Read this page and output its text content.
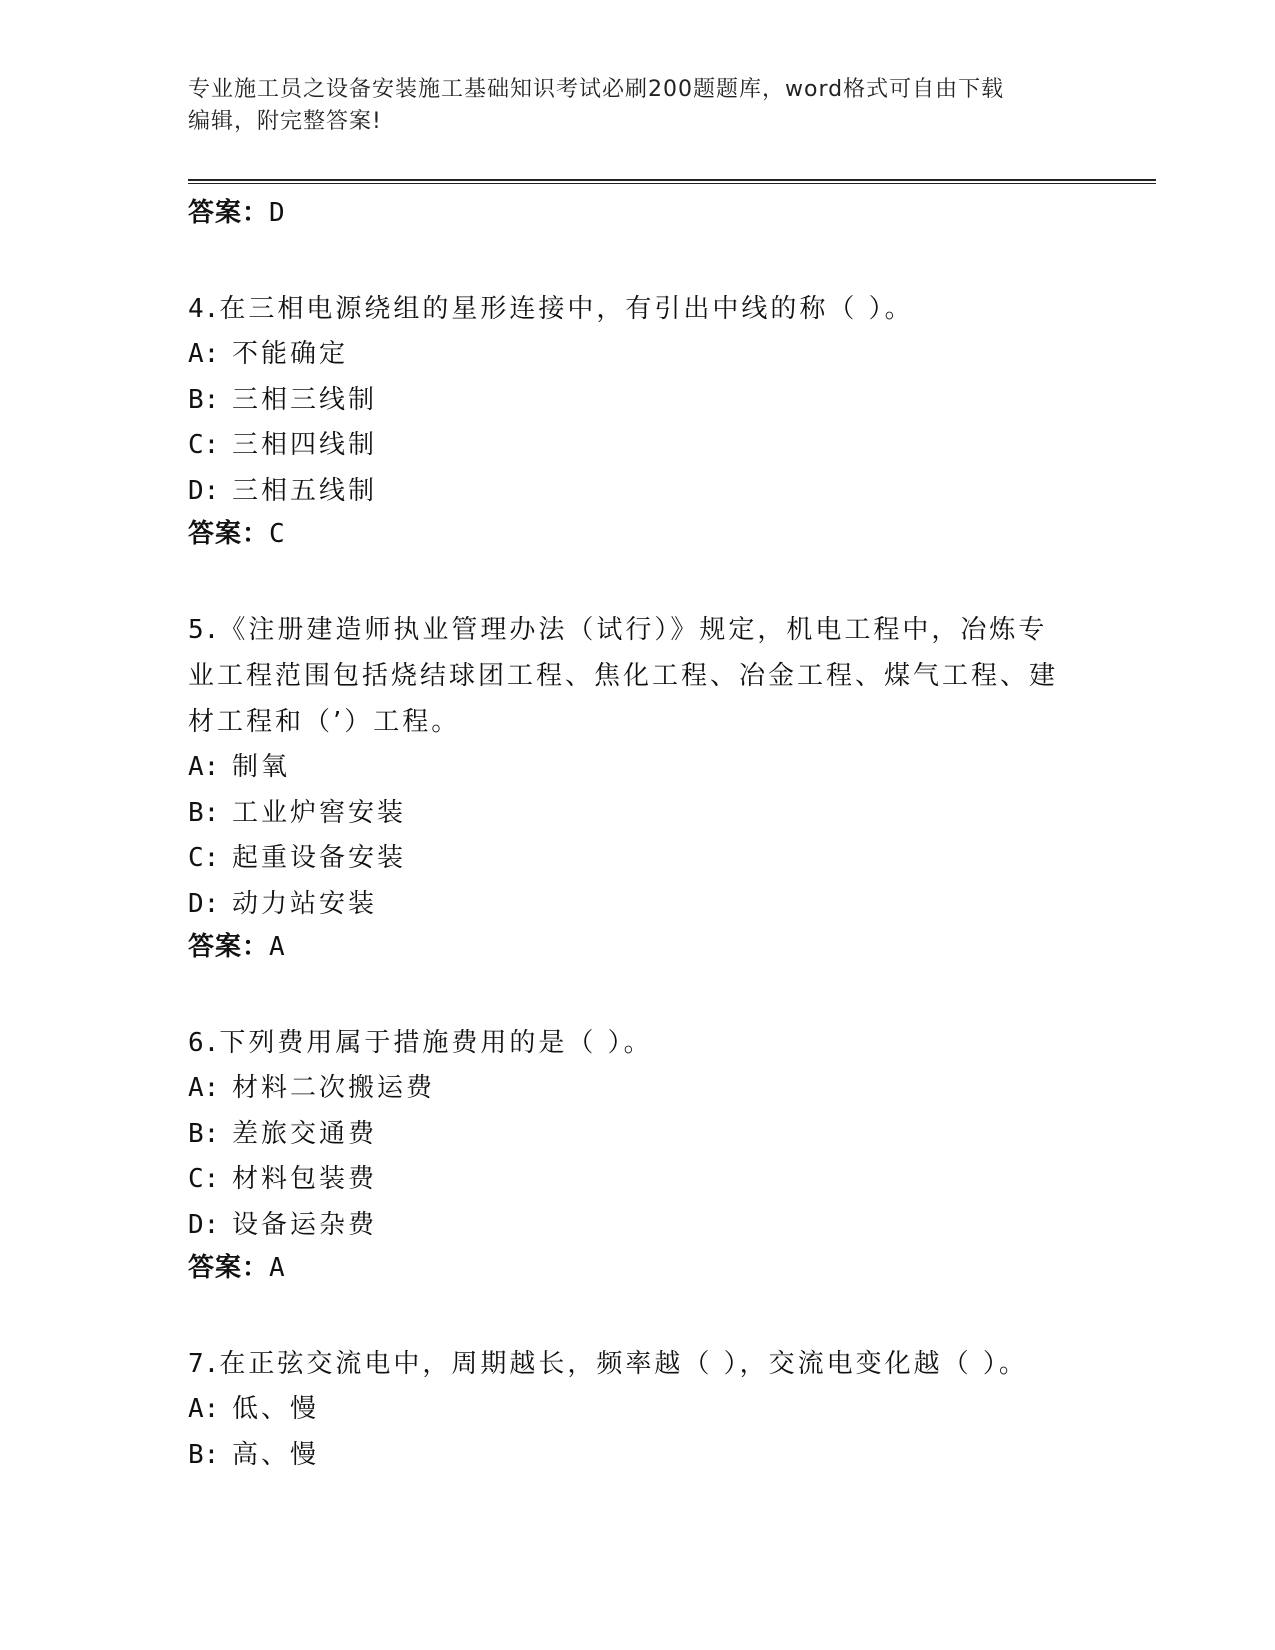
专业施工员之设备安装施工基础知识考试必刷200题题库，word格式可自由下载
编辑，附完整答案!

答案：D

4.在三相电源绕组的星形连接中，有引出中线的称（ ）。

A: 不能确定

B: 三相三线制

C: 三相四线制

D: 三相五线制

答案：C

5.《注册建造师执业管理办法（试行）》规定，机电工程中，冶炼专业工程范围包括烧结球团工程、焦化工程、冶金工程、煤气工程、建材工程和（’）工程。

A: 制氧

B: 工业炉窖安装

C: 起重设备安装

D: 动力站安装

答案：A

6.下列费用属于措施费用的是（ ）。

A: 材料二次搬运费

B: 差旅交通费

C: 材料包装费

D: 设备运杂费

答案：A

7.在正弦交流电中，周期越长，频率越（ ），交流电变化越（ ）。

A: 低、慢

B: 高、慢
